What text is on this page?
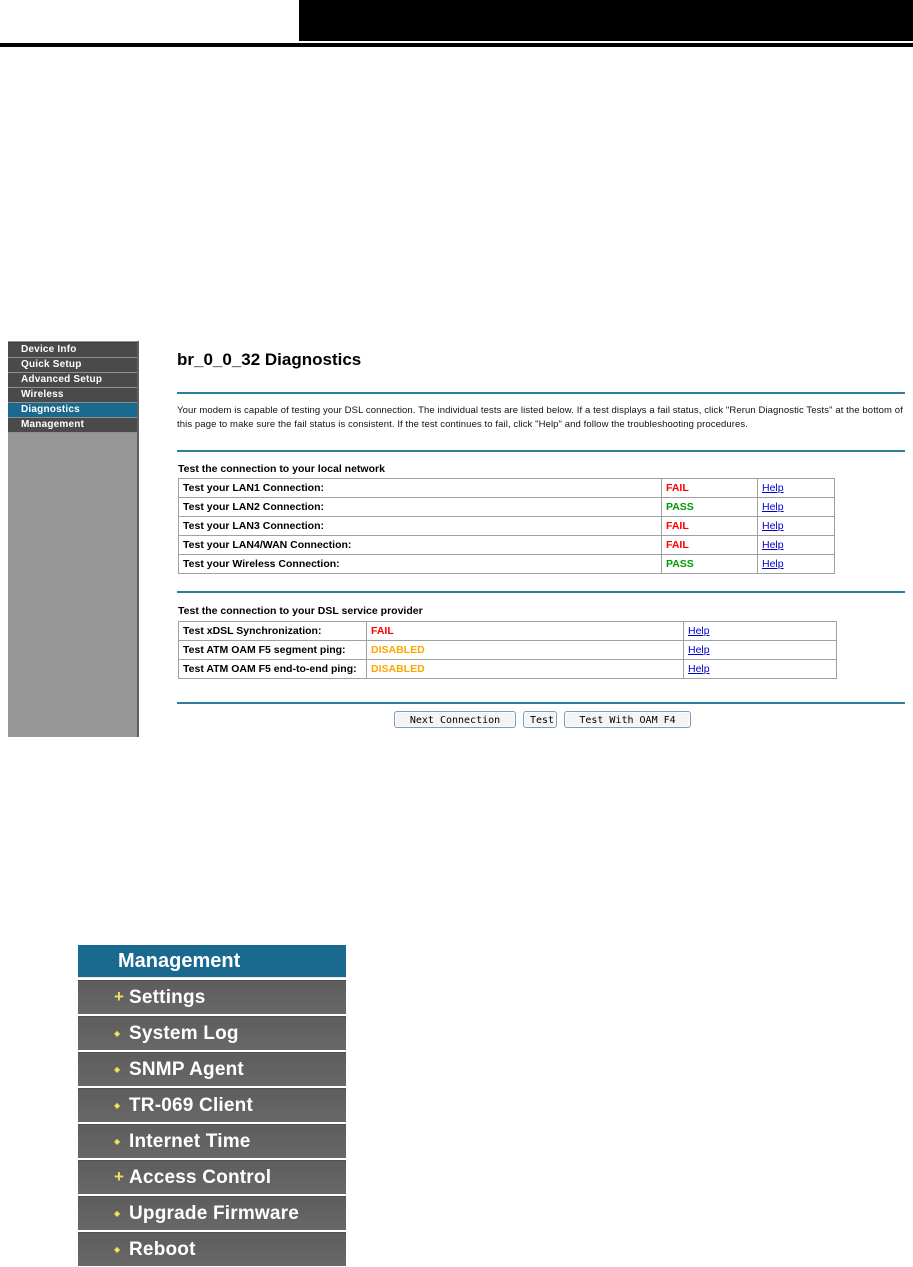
Device Info
Quick Setup
Advanced Setup
Wireless
Diagnostics
Management
br_0_0_32 Diagnostics
Your modem is capable of testing your DSL connection. The individual tests are listed below. If a test displays a fail status, click "Rerun Diagnostic Tests" at the bottom of this page to make sure the fail status is consistent. If the test continues to fail, click "Help" and follow the troubleshooting procedures.
Test the connection to your local network
Test your LAN1 Connection:	FAIL	Help
Test your LAN2 Connection:	PASS	Help
Test your LAN3 Connection:	FAIL	Help
Test your LAN4/WAN Connection:	FAIL	Help
Test your Wireless Connection:	PASS	Help
Test the connection to your DSL service provider
Test xDSL Synchronization:	FAIL	Help
Test ATM OAM F5 segment ping:	DISABLED	Help
Test ATM OAM F5 end-to-end ping:	DISABLED	Help
Next Connection	Test	Test With OAM F4
Management
+ Settings
◆ System Log
◆ SNMP Agent
◆ TR-069 Client
◆ Internet Time
+ Access Control
◆ Upgrade Firmware
◆ Reboot
